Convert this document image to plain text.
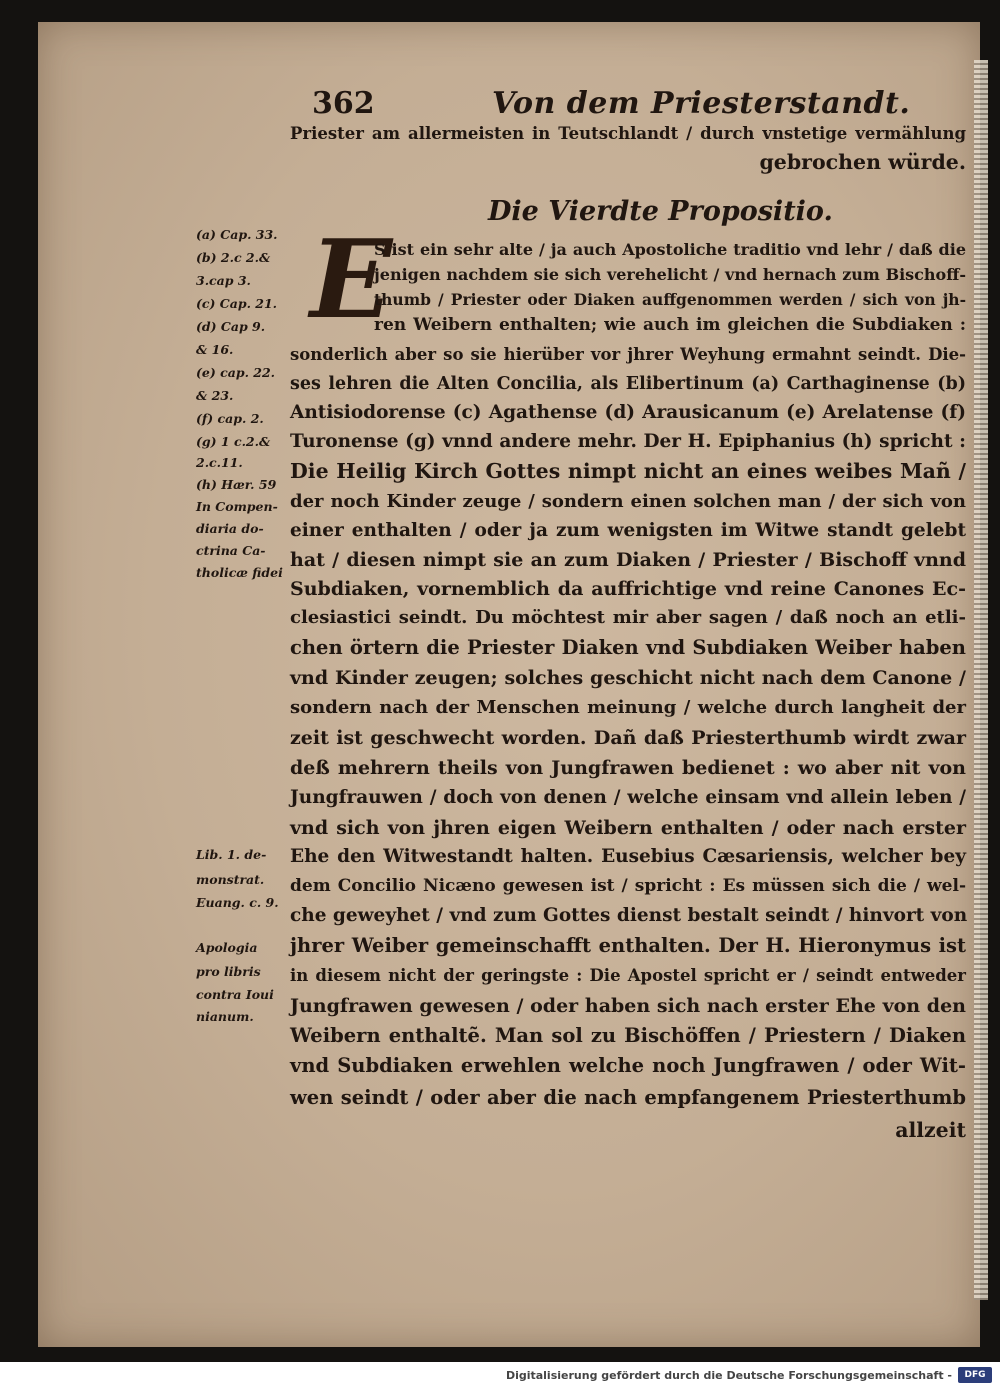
362	Von dem Priesterstandt.
Die Vierdte Propositio.
E
Priester am allermeisten in Teutschlandt / durch vnstetige vermählung
gebrochen würde.
S ist ein sehr alte / ja auch Apostoliche traditio vnd lehr / daß die
jenigen nachdem sie sich verehelicht / vnd hernach zum Bischoff-
thumb / Priester oder Diaken auffgenommen werden / sich von jh-
ren Weibern enthalten; wie auch im gleichen die Subdiaken :
sonderlich aber so sie hierüber vor jhrer Weyhung ermahnt seindt. Die-
ses lehren die Alten Concilia, als Elibertinum (a) Carthaginense (b)
Antisiodorense (c) Agathense (d) Arausicanum (e) Arelatense (f)
Turonense (g) vnnd andere mehr. Der H. Epiphanius (h) spricht :
Die Heilig Kirch Gottes nimpt nicht an eines weibes Mañ /
der noch Kinder zeuge / sondern einen solchen man / der sich von
einer enthalten / oder ja zum wenigsten im Witwe standt gelebt
hat / diesen nimpt sie an zum Diaken / Priester / Bischoff vnnd
Subdiaken, vornemblich da auffrichtige vnd reine Canones Ec-
clesiastici seindt. Du möchtest mir aber sagen / daß noch an etli-
chen örtern die Priester Diaken vnd Subdiaken Weiber haben
vnd Kinder zeugen; solches geschicht nicht nach dem Canone /
sondern nach der Menschen meinung / welche durch langheit der
zeit ist geschwecht worden. Dañ daß Priesterthumb wirdt zwar
deß mehrern theils von Jungfrawen bedienet : wo aber nit von
Jungfrauwen / doch von denen / welche einsam vnd allein leben /
vnd sich von jhren eigen Weibern enthalten / oder nach erster
Ehe den Witwestandt halten. Eusebius Cæsariensis, welcher bey
dem Concilio Nicæno gewesen ist / spricht : Es müssen sich die / wel-
che geweyhet / vnd zum Gottes dienst bestalt seindt / hinvort von
jhrer Weiber gemeinschafft enthalten. Der H. Hieronymus ist
in diesem nicht der geringste : Die Apostel spricht er / seindt entweder
Jungfrawen gewesen / oder haben sich nach erster Ehe von den
Weibern enthaltẽ. Man sol zu Bischöffen / Priestern / Diaken
vnd Subdiaken erwehlen welche noch Jungfrawen / oder Wit-
wen seindt / oder aber die nach empfangenem Priesterthumb
allzeit
(a) Cap. 33.
(b) 2.c 2.&
3.cap 3.
(c) Cap. 21.
(d) Cap 9.
& 16.
(e) cap. 22.
& 23.
(f) cap. 2.
(g) 1 c.2.&
2.c.11.
(h) Hær. 59
In Compen-
diaria do-
ctrina Ca-
tholicæ fidei
Lib. 1. de-
monstrat.
Euang. c. 9.
Apologia
pro libris
contra Ioui
nianum.
Digitalisierung gefördert durch die Deutsche Forschungsgemeinschaft -	DFG
